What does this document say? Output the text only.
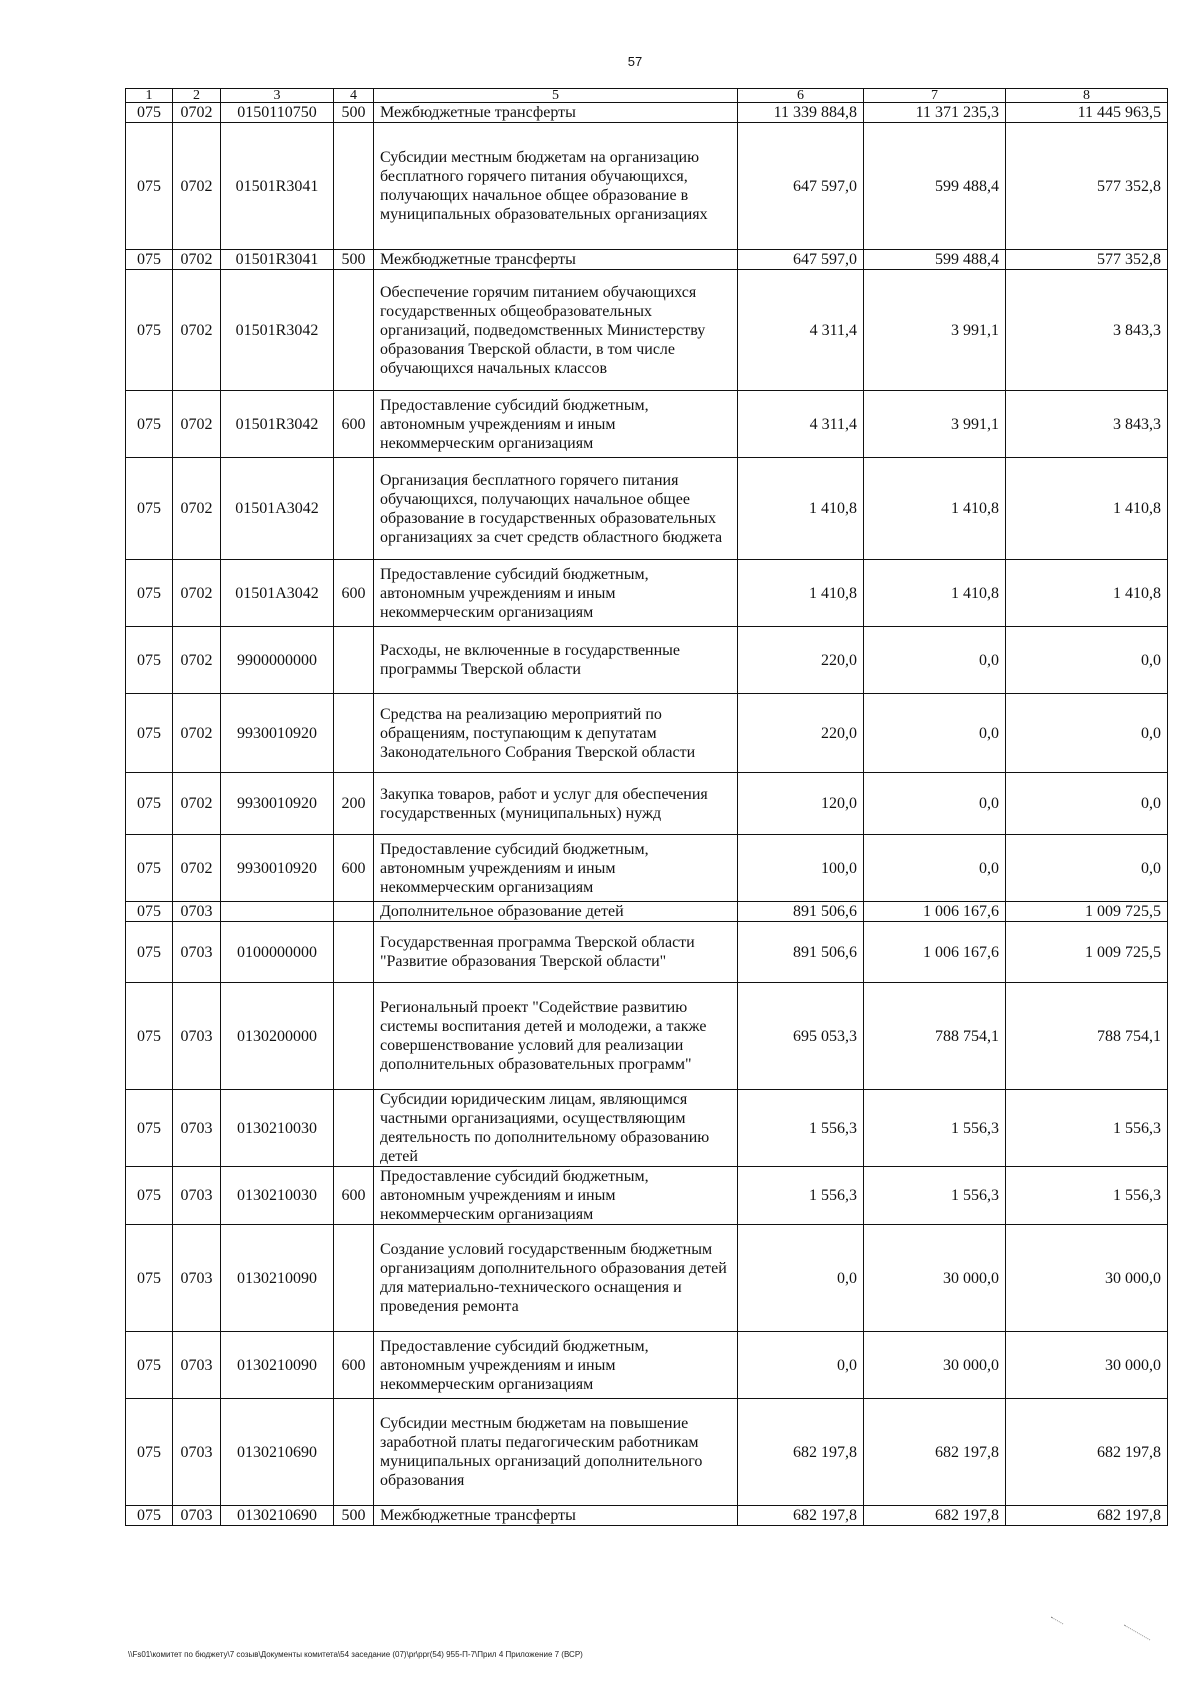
57
1	2	3	4	5	6	7	8
075	0702	0150110750	500	Межбюджетные трансферты	11 339 884,8	11 371 235,3	11 445 963,5
075	0702	01501R3041		Субсидии местным бюджетам на организацию бесплатного горячего питания обучающихся, получающих начальное общее образование в муниципальных образовательных организациях	647 597,0	599 488,4	577 352,8
075	0702	01501R3041	500	Межбюджетные трансферты	647 597,0	599 488,4	577 352,8
075	0702	01501R3042		Обеспечение горячим питанием обучающихся государственных общеобразовательных организаций, подведомственных Министерству образования Тверской области, в том числе обучающихся начальных классов	4 311,4	3 991,1	3 843,3
075	0702	01501R3042	600	Предоставление субсидий бюджетным, автономным учреждениям и иным некоммерческим организациям	4 311,4	3 991,1	3 843,3
075	0702	01501A3042		Организация бесплатного горячего питания обучающихся, получающих начальное общее образование в государственных образовательных организациях за счет средств областного бюджета	1 410,8	1 410,8	1 410,8
075	0702	01501A3042	600	Предоставление субсидий бюджетным, автономным учреждениям и иным некоммерческим организациям	1 410,8	1 410,8	1 410,8
075	0702	9900000000		Расходы, не включенные в государственные программы Тверской области	220,0	0,0	0,0
075	0702	9930010920		Средства на реализацию мероприятий по обращениям, поступающим к депутатам Законодательного Собрания Тверской области	220,0	0,0	0,0
075	0702	9930010920	200	Закупка товаров, работ и услуг для обеспечения государственных (муниципальных) нужд	120,0	0,0	0,0
075	0702	9930010920	600	Предоставление субсидий бюджетным, автономным учреждениям и иным некоммерческим организациям	100,0	0,0	0,0
075	0703			Дополнительное образование детей	891 506,6	1 006 167,6	1 009 725,5
075	0703	0100000000		Государственная программа Тверской области "Развитие образования Тверской области"	891 506,6	1 006 167,6	1 009 725,5
075	0703	0130200000		Региональный проект "Содействие развитию системы воспитания детей и молодежи, а также совершенствование условий для реализации дополнительных образовательных программ"	695 053,3	788 754,1	788 754,1
075	0703	0130210030		Субсидии юридическим лицам, являющимся частными организациями, осуществляющим деятельность по дополнительному образованию детей	1 556,3	1 556,3	1 556,3
075	0703	0130210030	600	Предоставление субсидий бюджетным, автономным учреждениям и иным некоммерческим организациям	1 556,3	1 556,3	1 556,3
075	0703	0130210090		Создание условий государственным бюджетным организациям дополнительного образования детей для материально-технического оснащения и проведения ремонта	0,0	30 000,0	30 000,0
075	0703	0130210090	600	Предоставление субсидий бюджетным, автономным учреждениям и иным некоммерческим организациям	0,0	30 000,0	30 000,0
075	0703	0130210690		Субсидии местным бюджетам на повышение заработной платы педагогическим работникам муниципальных организаций дополнительного образования	682 197,8	682 197,8	682 197,8
075	0703	0130210690	500	Межбюджетные трансферты	682 197,8	682 197,8	682 197,8
\\Fs01\комитет по бюджету\7 созыв\Документы комитета\54 заседание (07)\pr\ppr(54) 955-П-7\Прил 4 Приложение 7 (ВСР)
